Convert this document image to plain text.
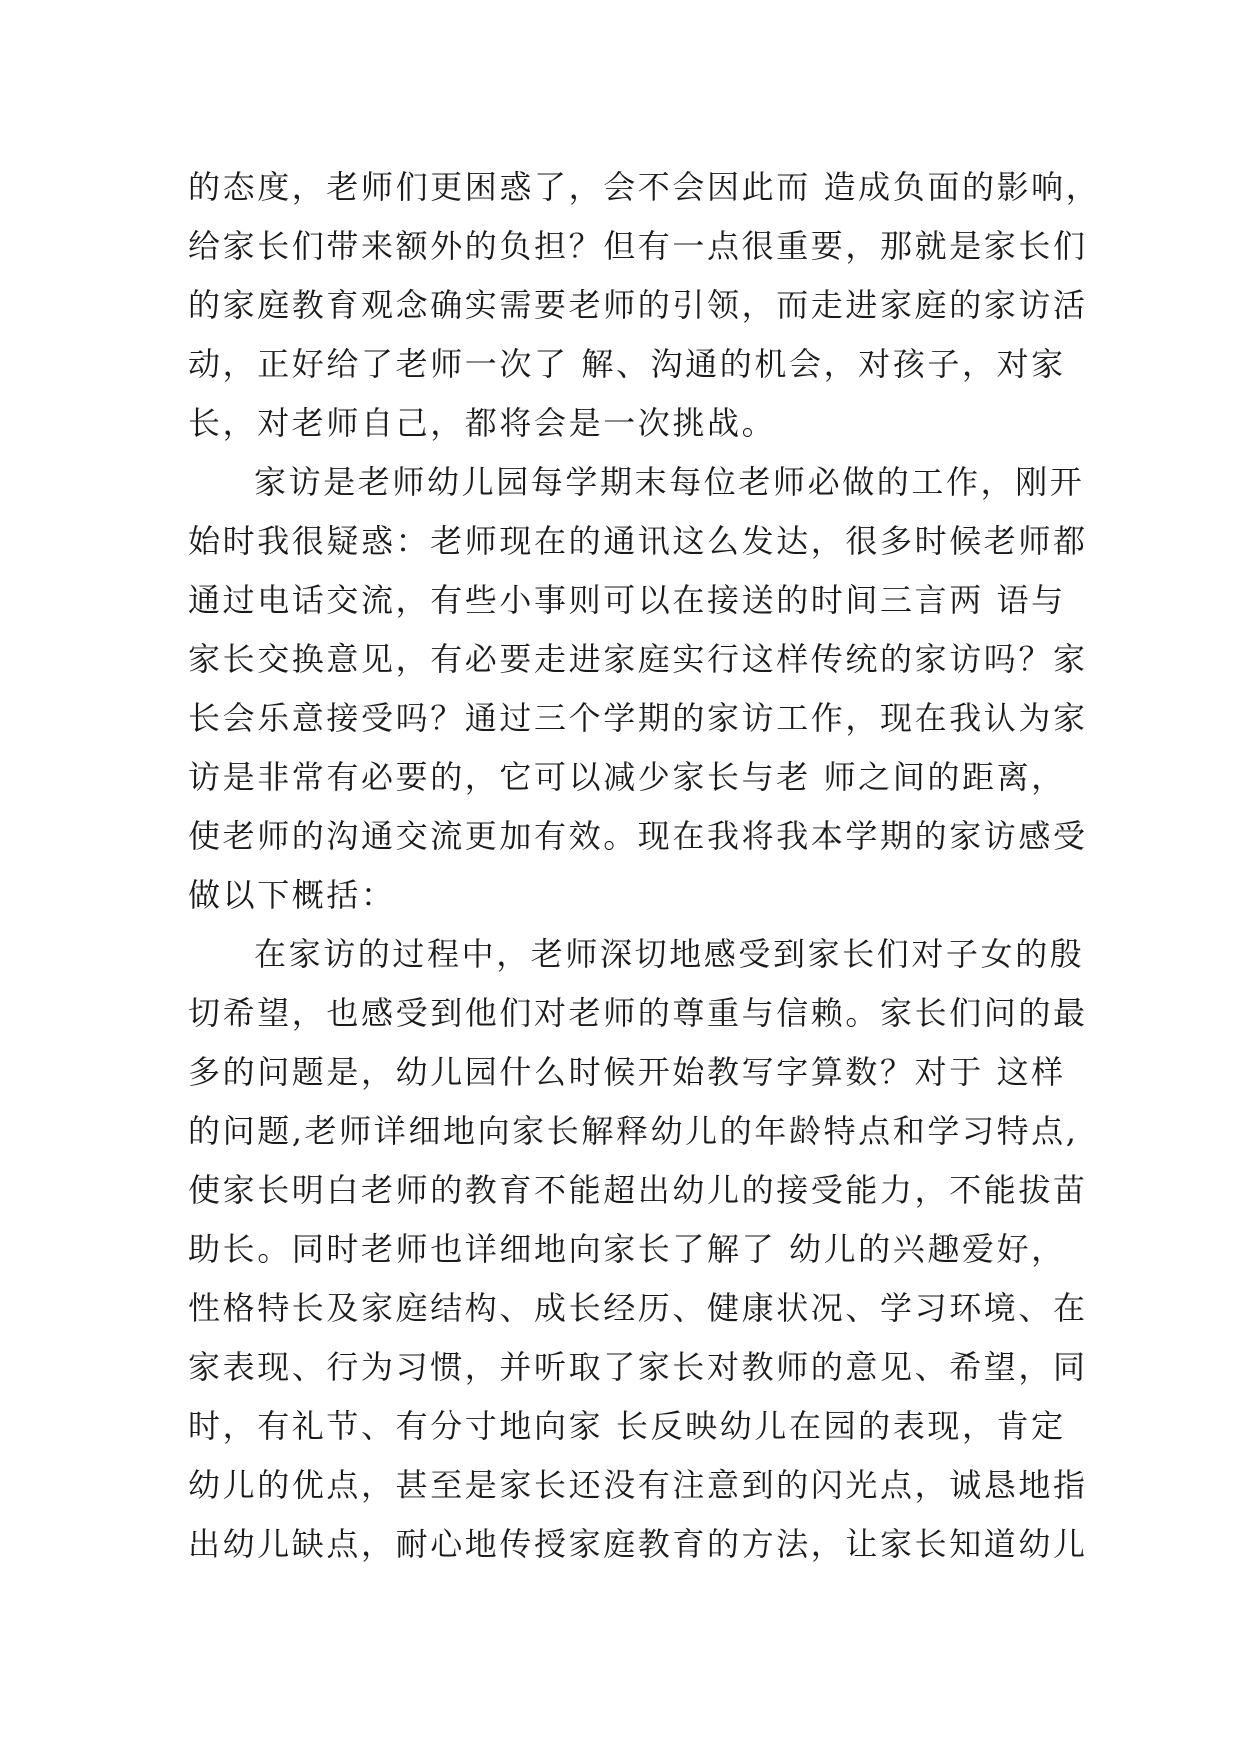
的态度，老师们更困惑了，会不会因此而 造成负面的影响，

给家长们带来额外的负担？但有一点很重要，那就是家长们

的家庭教育观念确实需要老师的引领，而走进家庭的家访活

动，正好给了老师一次了 解、沟通的机会，对孩子，对家

长，对老师自己，都将会是一次挑战。

家访是老师幼儿园每学期末每位老师必做的工作，刚开

始时我很疑惑：老师现在的通讯这么发达，很多时候老师都

通过电话交流，有些小事则可以在接送的时间三言两 语与

家长交换意见，有必要走进家庭实行这样传统的家访吗？家

长会乐意接受吗？通过三个学期的家访工作，现在我认为家

访是非常有必要的，它可以减少家长与老 师之间的距离，

使老师的沟通交流更加有效。现在我将我本学期的家访感受

做以下概括：

在家访的过程中，老师深切地感受到家长们对子女的殷

切希望，也感受到他们对老师的尊重与信赖。家长们问的最

多的问题是，幼儿园什么时候开始教写字算数？对于 这样

的问题,老师详细地向家长解释幼儿的年龄特点和学习特点,

使家长明白老师的教育不能超出幼儿的接受能力，不能拔苗

助长。同时老师也详细地向家长了解了 幼儿的兴趣爱好，

性格特长及家庭结构、成长经历、健康状况、学习环境、在

家表现、行为习惯，并听取了家长对教师的意见、希望，同

时，有礼节、有分寸地向家 长反映幼儿在园的表现，肯定

幼儿的优点，甚至是家长还没有注意到的闪光点，诚恳地指

出幼儿缺点，耐心地传授家庭教育的方法，让家长知道幼儿
